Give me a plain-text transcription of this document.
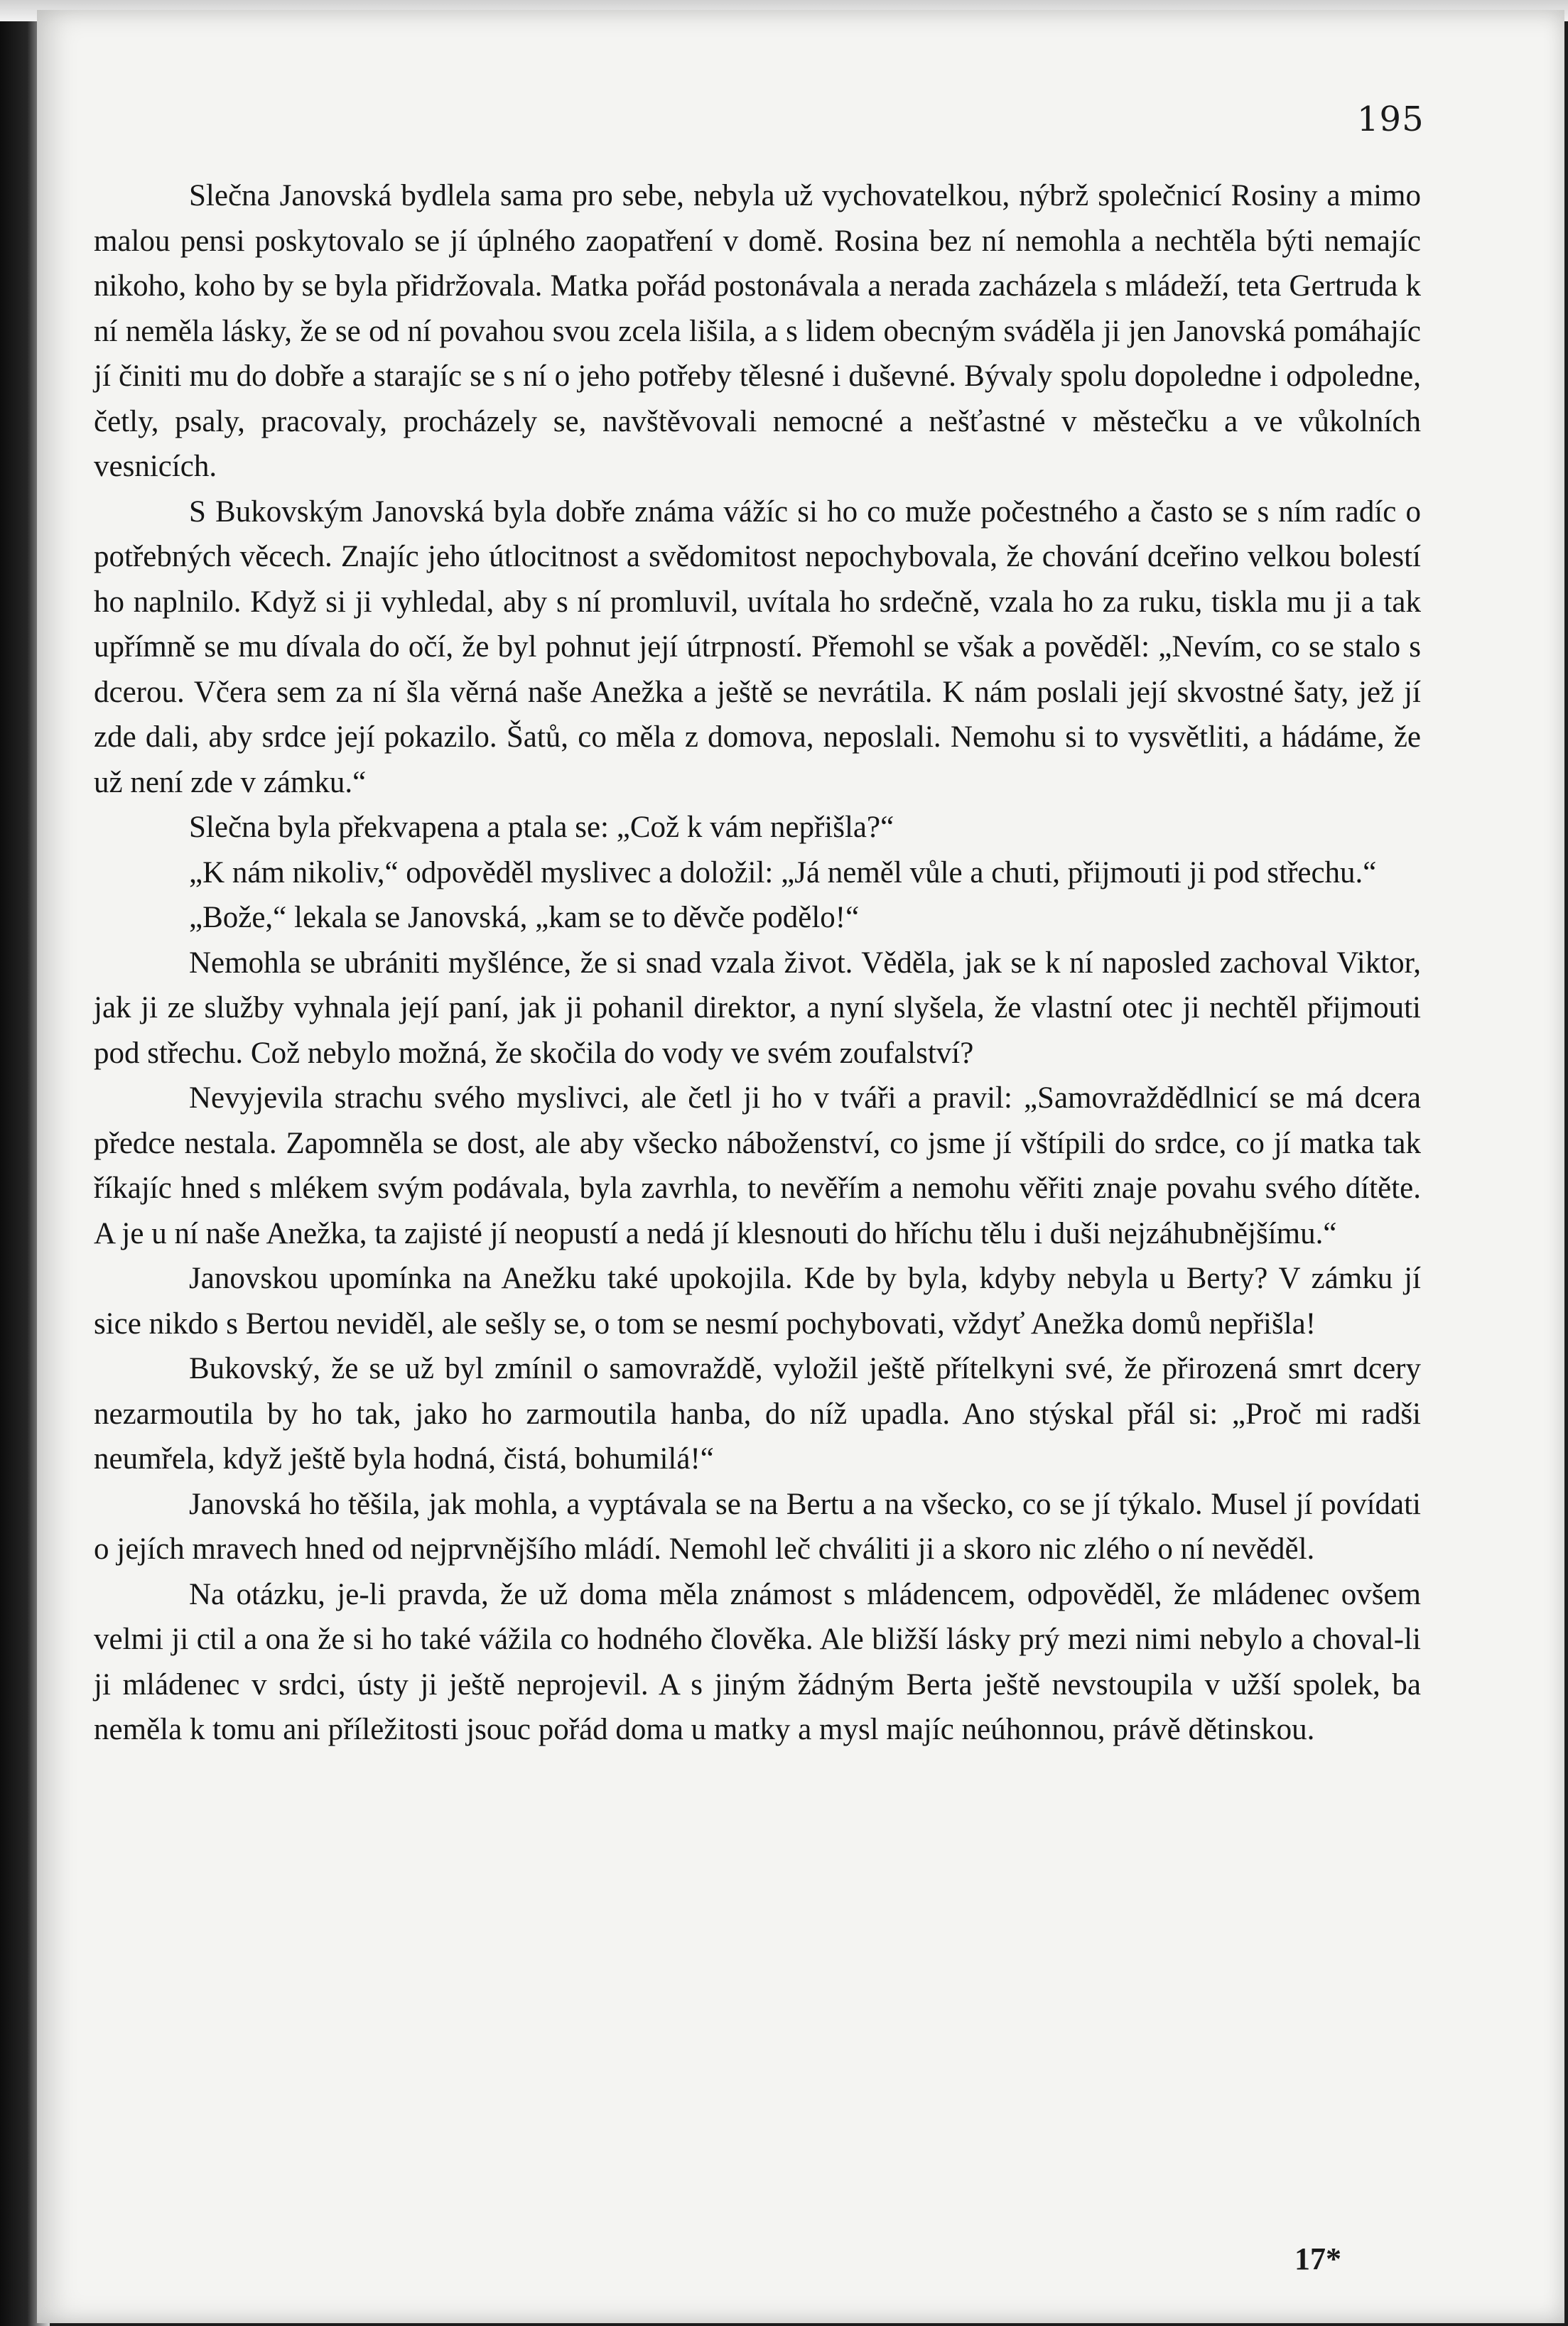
195

Slečna Janovská bydlela sama pro sebe, nebyla už vychovatelkou, nýbrž společnicí Rosiny a mimo malou pensi poskytovalo se jí úplného zaopatření v domě. Rosina bez ní nemohla a nechtěla býti nemajíc nikoho, koho by se byla přidržovala. Matka pořád postonávala a nerada zacházela s mládeží, teta Gertruda k ní neměla lásky, že se od ní povahou svou zcela lišila, a s lidem obecným sváděla ji jen Janovská pomáhajíc jí činiti mu do dobře a starajíc se s ní o jeho potřeby tělesné i duševné. Bývaly spolu dopoledne i odpoledne, četly, psaly, pracovaly, procházely se, navštěvovali nemocné a nešťastné v městečku a ve vůkolních vesnicích.

S Bukovským Janovská byla dobře známa vážíc si ho co muže počestného a často se s ním radíc o potřebných věcech. Znajíc jeho útlocitnost a svědomitost nepochybovala, že chování dceřino velkou bolestí ho naplnilo. Když si ji vyhledal, aby s ní promluvil, uvítala ho srdečně, vzala ho za ruku, tiskla mu ji a tak upřímně se mu dívala do očí, že byl pohnut její útrpností. Přemohl se však a pověděl: „Nevím, co se stalo s dcerou. Včera sem za ní šla věrná naše Anežka a ještě se nevrátila. K nám poslali její skvostné šaty, jež jí zde dali, aby srdce její pokazilo. Šatů, co měla z domova, neposlali. Nemohu si to vysvětliti, a hádáme, že už není zde v zámku.“

Slečna byla překvapena a ptala se: „Což k vám nepřišla?“

„K nám nikoliv,“ odpověděl myslivec a doložil: „Já neměl vůle a chuti, přijmouti ji pod střechu.“

„Bože,“ lekala se Janovská, „kam se to děvče podělo!“

Nemohla se ubrániti myšlénce, že si snad vzala život. Věděla, jak se k ní naposled zachoval Viktor, jak ji ze služby vyhnala její paní, jak ji pohanil direktor, a nyní slyšela, že vlastní otec ji nechtěl přijmouti pod střechu. Což nebylo možná, že skočila do vody ve svém zoufalství?

Nevyjevila strachu svého myslivci, ale četl ji ho v tváři a pravil: „Samovraždědlnicí se má dcera předce nestala. Zapomněla se dost, ale aby všecko náboženství, co jsme jí vštípili do srdce, co jí matka tak říkajíc hned s mlékem svým podávala, byla zavrhla, to nevěřím a nemohu věřiti znaje povahu svého dítěte. A je u ní naše Anežka, ta zajisté jí neopustí a nedá jí klesnouti do hříchu tělu i duši nejzáhubnějšímu.“

Janovskou upomínka na Anežku také upokojila. Kde by byla, kdyby nebyla u Berty? V zámku jí sice nikdo s Bertou neviděl, ale sešly se, o tom se nesmí pochybovati, vždyť Anežka domů nepřišla!

Bukovský, že se už byl zmínil o samovraždě, vyložil ještě přítelkyni své, že přirozená smrt dcery nezarmoutila by ho tak, jako ho zarmoutila hanba, do níž upadla. Ano stýskal přál si: „Proč mi radši neumřela, když ještě byla hodná, čistá, bohumilá!“

Janovská ho těšila, jak mohla, a vyptávala se na Bertu a na všecko, co se jí týkalo. Musel jí povídati o jejích mravech hned od nejprvnějšího mládí. Nemohl leč chváliti ji a skoro nic zlého o ní nevěděl.

Na otázku, je-li pravda, že už doma měla známost s mládencem, odpověděl, že mládenec ovšem velmi ji ctil a ona že si ho také vážila co hodného člověka. Ale bližší lásky prý mezi nimi nebylo a choval-li ji mládenec v srdci, ústy ji ještě neprojevil. A s jiným žádným Berta ještě nevstoupila v užší spolek, ba neměla k tomu ani příležitosti jsouc pořád doma u matky a mysl majíc neúhonnou, právě dětinskou.

17*
